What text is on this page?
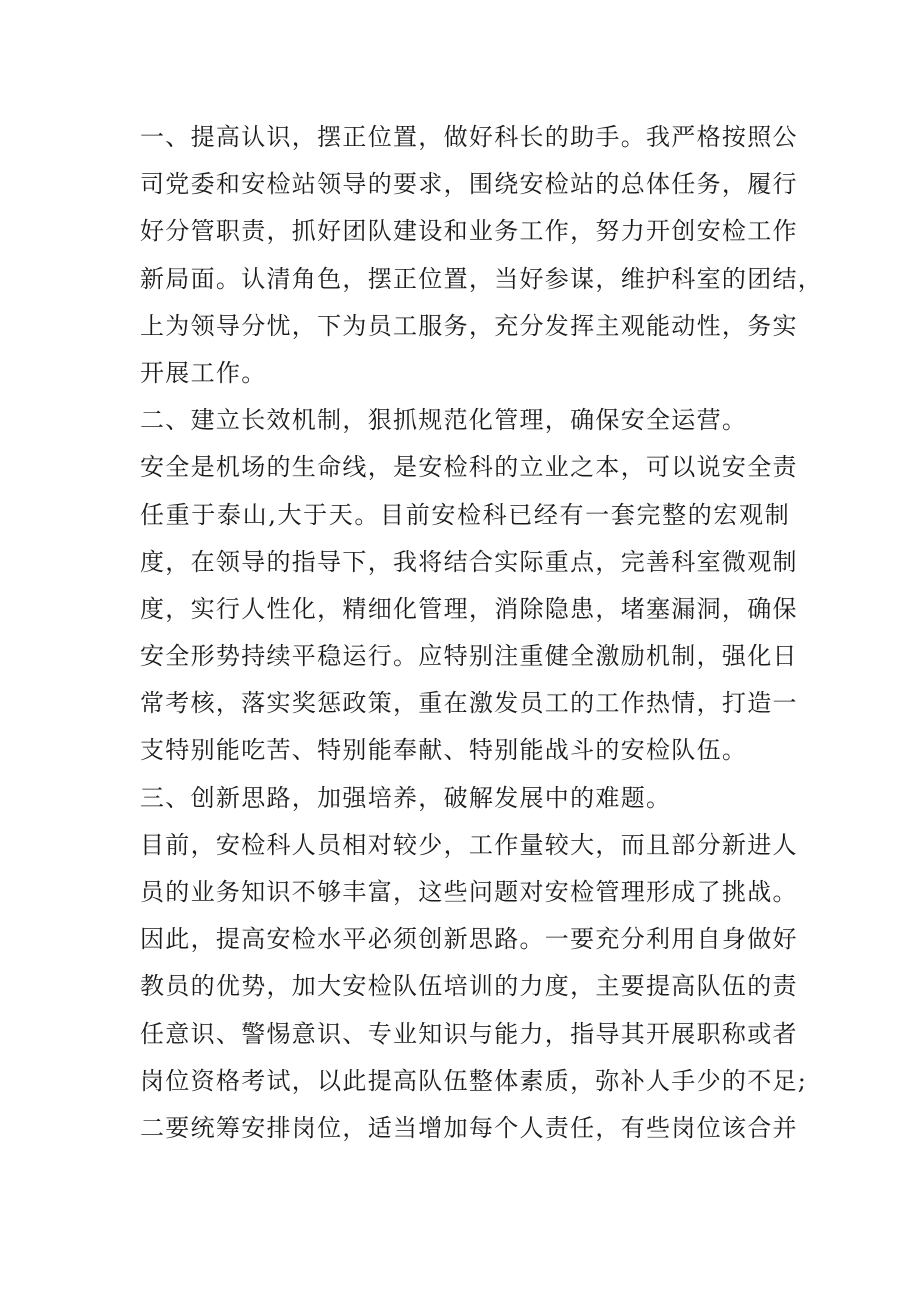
一、提高认识，摆正位置，做好科长的助手。我严格按照公
司党委和安检站领导的要求，围绕安检站的总体任务，履行
好分管职责，抓好团队建设和业务工作，努力开创安检工作
新局面。认清角色，摆正位置，当好参谋，维护科室的团结，
上为领导分忧，下为员工服务，充分发挥主观能动性，务实
开展工作。
二、建立长效机制，狠抓规范化管理，确保安全运营。
安全是机场的生命线，是安检科的立业之本，可以说安全责
任重于泰山,大于天。目前安检科已经有一套完整的宏观制
度，在领导的指导下，我将结合实际重点，完善科室微观制
度，实行人性化，精细化管理，消除隐患，堵塞漏洞，确保
安全形势持续平稳运行。应特别注重健全激励机制，强化日
常考核，落实奖惩政策，重在激发员工的工作热情，打造一
支特别能吃苦、特别能奉献、特别能战斗的安检队伍。
三、创新思路，加强培养，破解发展中的难题。
目前，安检科人员相对较少，工作量较大，而且部分新进人
员的业务知识不够丰富，这些问题对安检管理形成了挑战。
因此，提高安检水平必须创新思路。一要充分利用自身做好
教员的优势，加大安检队伍培训的力度，主要提高队伍的责
任意识、警惕意识、专业知识与能力，指导其开展职称或者
岗位资格考试，以此提高队伍整体素质，弥补人手少的不足;
二要统筹安排岗位，适当增加每个人责任，有些岗位该合并
